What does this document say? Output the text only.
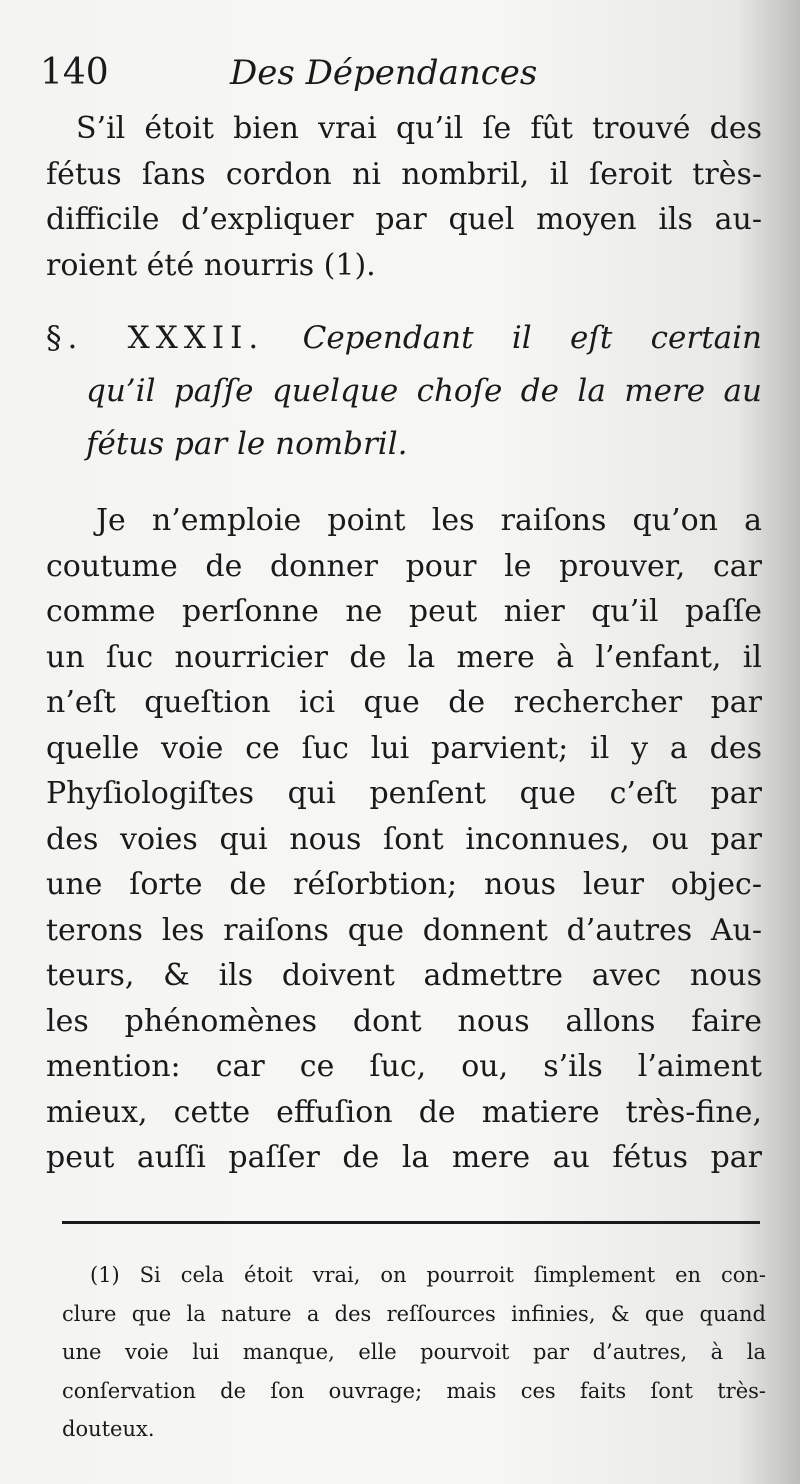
140	Des Dépendances
S’il étoit bien vrai qu’il ſe fût trouvé des
fétus ſans cordon ni nombril, il ſeroit très-
difficile d’expliquer par quel moyen ils au-
roient été nourris (1).
§. XXXII. Cependant il eſt certain
qu’il paſſe quelque choſe de la mere au
fétus par le nombril.
Je n’emploie point les raiſons qu’on a
coutume de donner pour le prouver, car
comme perſonne ne peut nier qu’il paſſe
un ſuc nourricier de la mere à l’enfant, il
n’eſt queſtion ici que de rechercher par
quelle voie ce ſuc lui parvient; il y a des
Phyſiologiſtes qui penſent que c’eſt par
des voies qui nous ſont inconnues, ou par
une ſorte de réſorbtion; nous leur objec-
terons les raiſons que donnent d’autres Au-
teurs, & ils doivent admettre avec nous
les phénomènes dont nous allons faire
mention: car ce ſuc, ou, s’ils l’aiment
mieux, cette effuſion de matiere très-fine,
peut auſſi paſſer de la mere au fétus par
(1) Si cela étoit vrai, on pourroit ſimplement en con-
clure que la nature a des reſſources infinies, & que quand
une voie lui manque, elle pourvoit par d’autres, à la
conſervation de ſon ouvrage; mais ces faits ſont très-
douteux.
